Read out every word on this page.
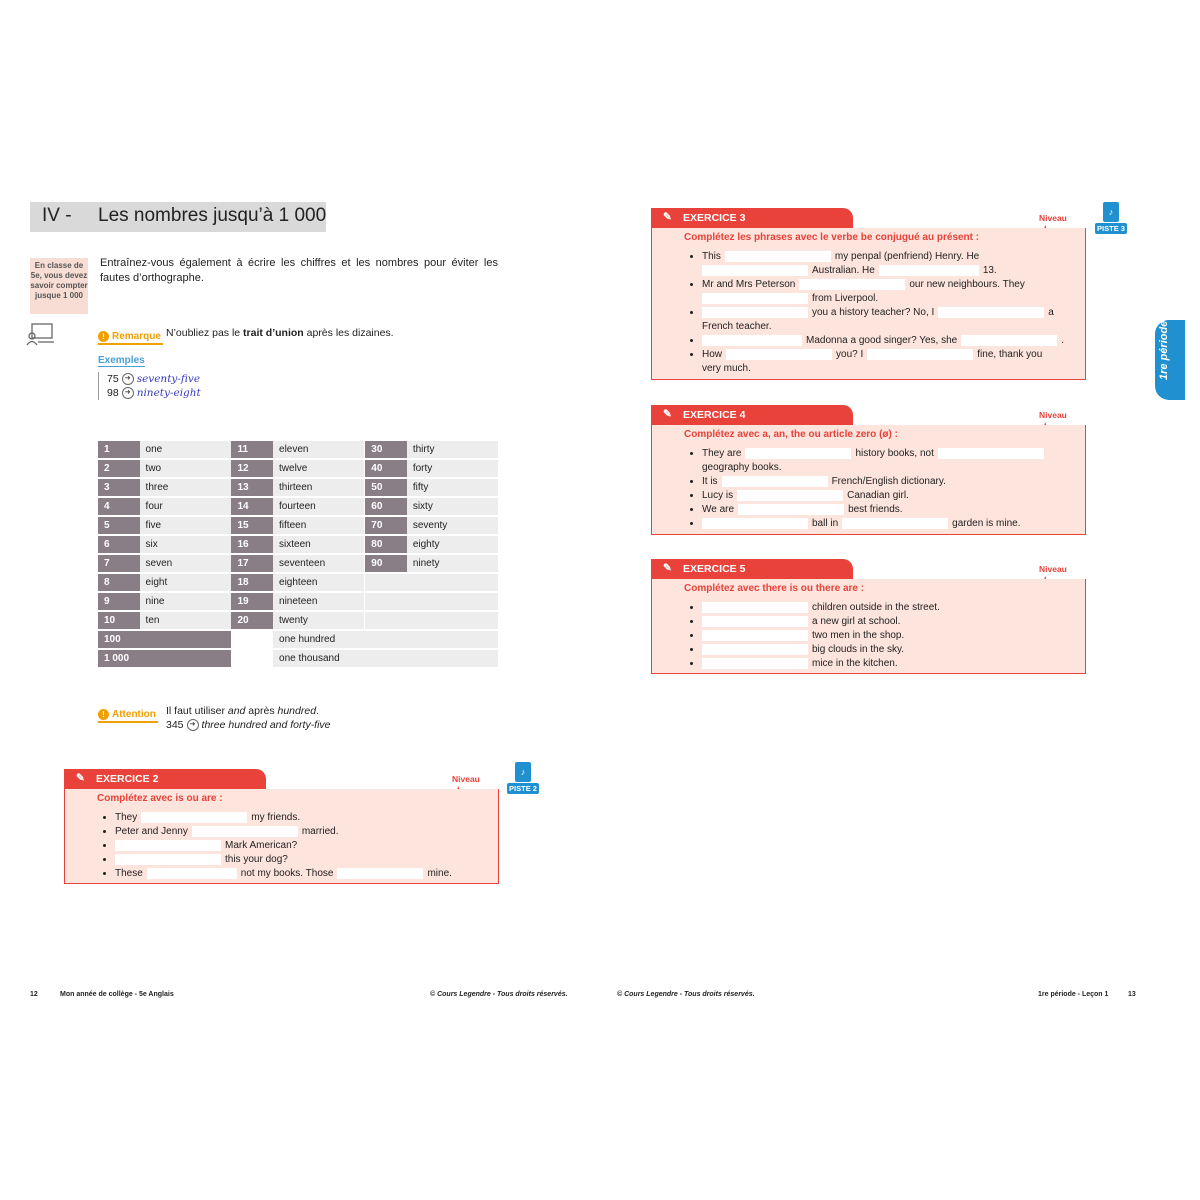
IV - Les nombres jusqu’à 1 000
En classe de 5e, vous devez savoir compter jusque 1 000
Entraînez-vous également à écrire les chiffres et les nombres pour éviter les fautes d’orthographe.
! Remarque N’oubliez pas le trait d’union après les dizaines.
Exemples
75 ➜ seventy-five
98 ➜ ninety-eight
1	one		11	eleven		30	thirty
2	two		12	twelve		40	forty
3	three		13	thirteen		50	fifty
4	four		14	fourteen		60	sixty
5	five		15	fifteen		70	seventy
6	six		16	sixteen		80	eighty
7	seven		17	seventeen		90	ninety
8	eight		18	eighteen		
9	nine		19	nineteen		
10	ten		20	twenty		
100			one hundred		
1 000			one thousand		
! Attention Il faut utiliser and après hundred.
345 ➜ three hundred and forty-five
✎ EXERCICE 2	Niveau
Complétez avec is ou are :
• They	my friends.
• Peter and Jenny	married.
• Mark American?
• this your dog?
• These	not my books. Those	mine.
♪
PISTE 2
✎ EXERCICE 3	Niveau
Complétez les phrases avec le verbe be conjugué au présent :
• This	my penpal (penfriend) Henry. He
Australian. He	13.
• Mr and Mrs Peterson	our new neighbours. They
from Liverpool.
• you a history teacher? No, I	a
French teacher.
• Madonna a good singer? Yes, she	.
• How	you? I	fine, thank you
very much.
♪
PISTE 3
✎ EXERCICE 4	Niveau
Complétez avec a, an, the ou article zero (ø) :
• They are	history books, not
geography books.
• It is	French/English dictionary.
• Lucy is	Canadian girl.
• We are	best friends.
• ball in	garden is mine.
✎ EXERCICE 5	Niveau
Complétez avec there is ou there are :
• children outside in the street.
• a new girl at school.
• two men in the shop.
• big clouds in the sky.
• mice in the kitchen.
1re période
12	Mon année de collège - 5e Anglais	© Cours Legendre - Tous droits réservés.	© Cours Legendre - Tous droits réservés.	1re période - Leçon 1	13
